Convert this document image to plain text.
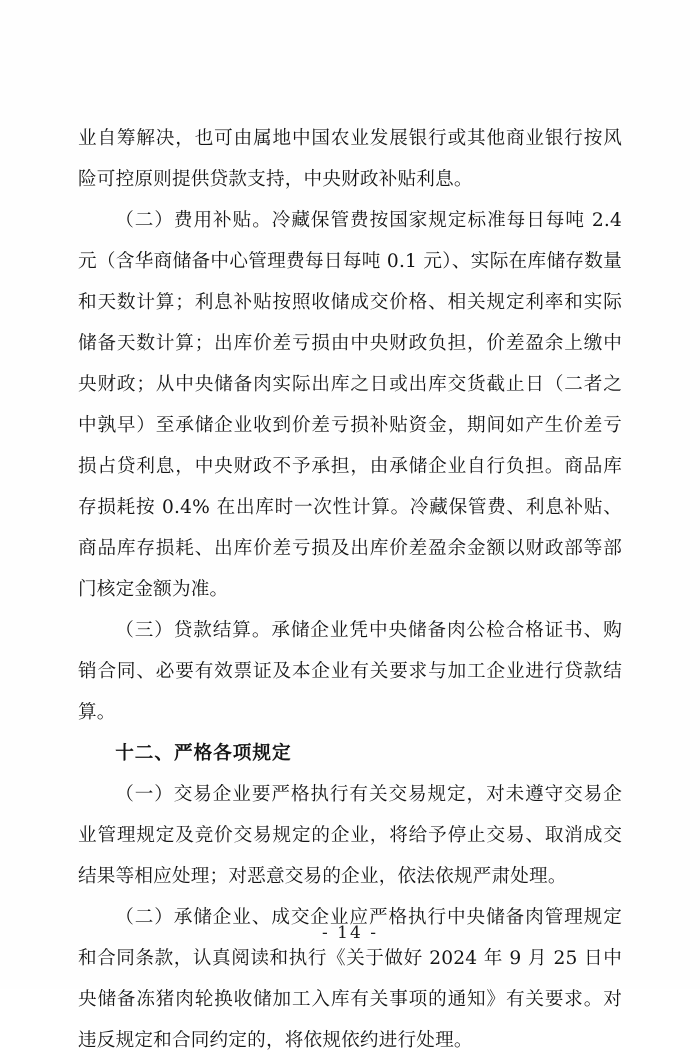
业自筹解决，也可由属地中国农业发展银行或其他商业银行按风险可控原则提供贷款支持，中央财政补贴利息。

（二）费用补贴。冷藏保管费按国家规定标准每日每吨 2.4 元（含华商储备中心管理费每日每吨 0.1 元）、实际在库储存数量和天数计算；利息补贴按照收储成交价格、相关规定利率和实际储备天数计算；出库价差亏损由中央财政负担，价差盈余上缴中央财政；从中央储备肉实际出库之日或出库交货截止日（二者之中孰早）至承储企业收到价差亏损补贴资金，期间如产生价差亏损占贷利息，中央财政不予承担，由承储企业自行负担。商品库存损耗按 0.4% 在出库时一次性计算。冷藏保管费、利息补贴、商品库存损耗、出库价差亏损及出库价差盈余金额以财政部等部门核定金额为准。

（三）贷款结算。承储企业凭中央储备肉公检合格证书、购销合同、必要有效票证及本企业有关要求与加工企业进行贷款结算。

十二、严格各项规定

（一）交易企业要严格执行有关交易规定，对未遵守交易企业管理规定及竞价交易规定的企业，将给予停止交易、取消成交结果等相应处理；对恶意交易的企业，依法依规严肃处理。

（二）承储企业、成交企业应严格执行中央储备肉管理规定和合同条款，认真阅读和执行《关于做好 2024 年 9 月 25 日中央储备冻猪肉轮换收储加工入库有关事项的通知》有关要求。对违反规定和合同约定的，将依规依约进行处理。

- 14 -
